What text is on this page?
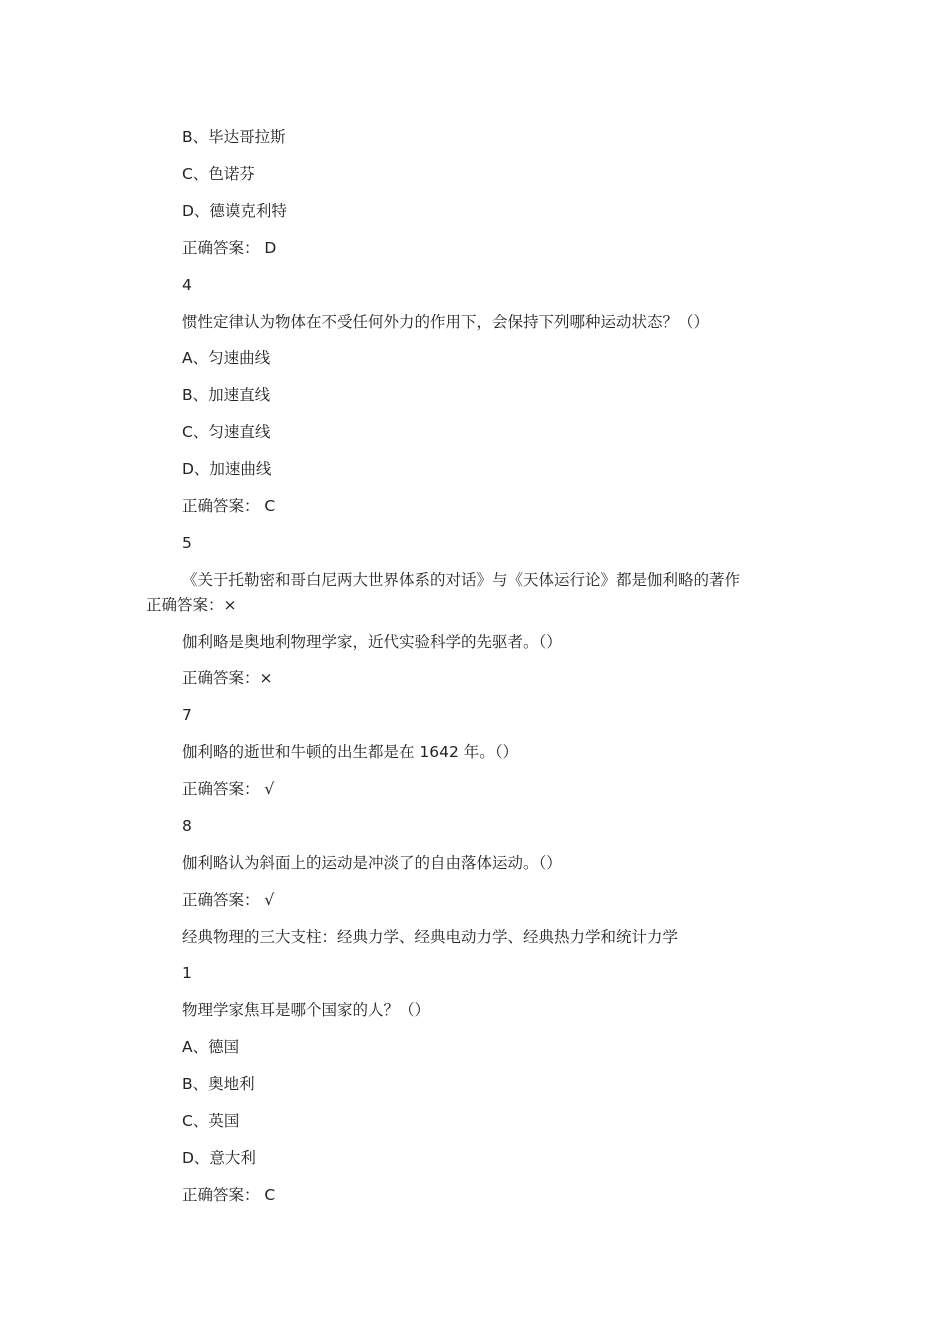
B、毕达哥拉斯
C、色诺芬
D、德谟克利特
正确答案： D
4
惯性定律认为物体在不受任何外力的作用下，会保持下列哪种运动状态？（）
A、匀速曲线
B、加速直线
C、匀速直线
D、加速曲线
正确答案： C
5
《关于托勒密和哥白尼两大世界体系的对话》与《天体运行论》都是伽利略的著作
正确答案：×
伽利略是奥地利物理学家，近代实验科学的先驱者。（）
正确答案：×
7
伽利略的逝世和牛顿的出生都是在 1642 年。（）
正确答案： √
8
伽利略认为斜面上的运动是冲淡了的自由落体运动。（）
正确答案： √
经典物理的三大支柱：经典力学、经典电动力学、经典热力学和统计力学
1
物理学家焦耳是哪个国家的人？（）
A、德国
B、奥地利
C、英国
D、意大利
正确答案： C
